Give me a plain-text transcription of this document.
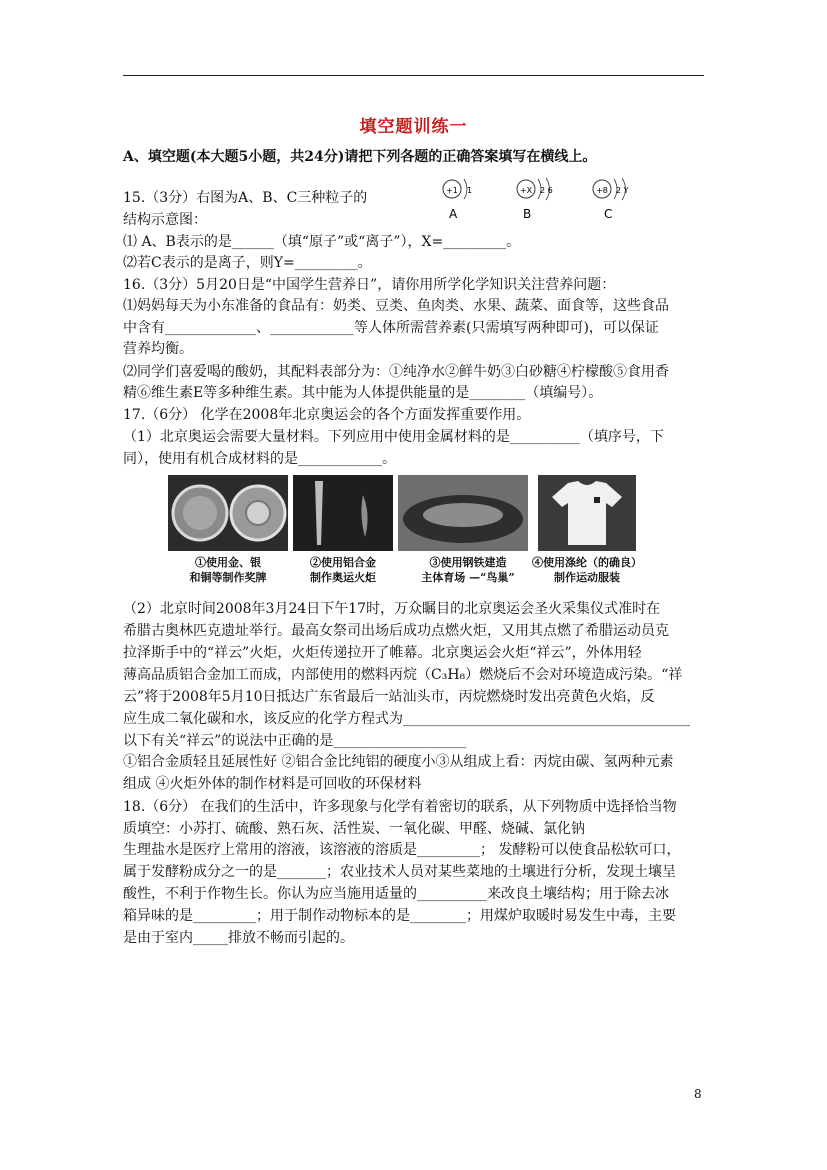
填空题训练一
A、填空题(本大题5小题，共24分)请把下列各题的正确答案填写在横线上。
15.（3分）右图为A、B、C三种粒子的
结构示意图：
+1 1
A
+X 2 6
B
+8 2 Y
C
⑴ A、B表示的是______（填“原子”或“离子”），X=_________。
⑵若C表示的是离子，则Y=_________。
16.（3分）5月20日是“中国学生营养日”，请你用所学化学知识关注营养问题：
⑴妈妈每天为小东准备的食品有：奶类、豆类、鱼肉类、水果、蔬菜、面食等，这些食品
中含有_____________、____________等人体所需营养素(只需填写两种即可)，可以保证
营养均衡。
⑵同学们喜爱喝的酸奶，其配料表部分为：①纯净水②鲜牛奶③白砂糖④柠檬酸⑤食用香
精⑥维生素E等多种维生素。其中能为人体提供能量的是________（填编号）。
17.（6分） 化学在2008年北京奥运会的各个方面发挥重要作用。
（1）北京奥运会需要大量材料。下列应用中使用金属材料的是__________（填序号，下
同），使用有机合成材料的是____________。
①使用金、银
和铜等制作奖牌
②使用铝合金
制作奥运火炬
③使用钢铁建造
主体育场 —“鸟巢”
④使用涤纶（的确良）
制作运动服装
（2）北京时间2008年3月24日下午17时，万众瞩目的北京奥运会圣火采集仪式准时在
希腊古奥林匹克遗址举行。最高女祭司出场后成功点燃火炬，又用其点燃了希腊运动员克
拉泽斯手中的“祥云”火炬，火炬传递拉开了帷幕。北京奥运会火炬“祥云”，外体用轻
薄高品质铝合金加工而成，内部使用的燃料丙烷（C₃H₈）燃烧后不会对环境造成污染。“祥
云”将于2008年5月10日抵达广东省最后一站汕头市，丙烷燃烧时发出亮黄色火焰，反
应生成二氧化碳和水，该反应的化学方程式为_________________________________________
以下有关“祥云”的说法中正确的是___________________
①铝合金质轻且延展性好 ②铝合金比纯铝的硬度小③从组成上看：丙烷由碳、氢两种元素
组成 ④火炬外体的制作材料是可回收的环保材料
18.（6分） 在我们的生活中，许多现象与化学有着密切的联系，从下列物质中选择恰当物
质填空：小苏打、硫酸、熟石灰、活性炭、一氧化碳、甲醛、烧碱、氯化钠
生理盐水是医疗上常用的溶液，该溶液的溶质是_________； 发酵粉可以使食品松软可口，
属于发酵粉成分之一的是_______；农业技术人员对某些菜地的土壤进行分析，发现土壤呈
酸性，不利于作物生长。你认为应当施用适量的__________来改良土壤结构；用于除去冰
箱异味的是_________；用于制作动物标本的是________；用煤炉取暖时易发生中毒，主要
是由于室内_____排放不畅而引起的。
8
